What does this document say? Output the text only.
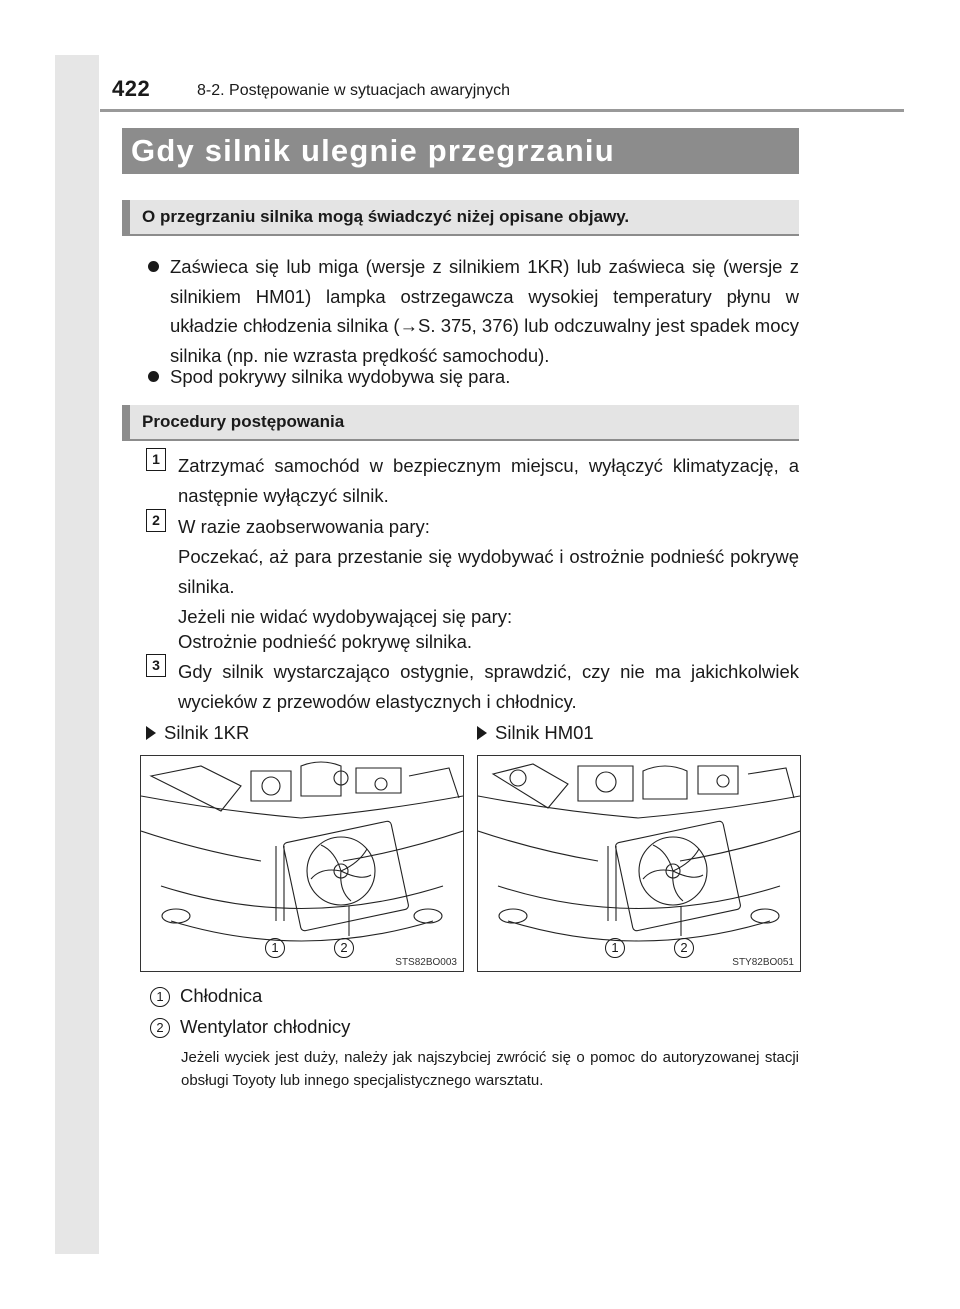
422	8-2. Postępowanie w sytuacjach awaryjnych
Gdy silnik ulegnie przegrzaniu
O przegrzaniu silnika mogą świadczyć niżej opisane objawy.
Zaświeca się lub miga (wersje z silnikiem 1KR) lub zaświeca się (wersje z silnikiem HM01) lampka ostrzegawcza wysokiej temperatury płynu w układzie chłodzenia silnika (→S. 375, 376) lub odczuwalny jest spadek mocy silnika (np. nie wzrasta prędkość samochodu).
Spod pokrywy silnika wydobywa się para.
Procedury postępowania
1 Zatrzymać samochód w bezpiecznym miejscu, wyłączyć klimatyzację, a następnie wyłączyć silnik.
2 W razie zaobserwowania pary:
Poczekać, aż para przestanie się wydobywać i ostrożnie podnieść pokrywę silnika.
Jeżeli nie widać wydobywającej się pary:
Ostrożnie podnieść pokrywę silnika.
3 Gdy silnik wystarczająco ostygnie, sprawdzić, czy nie ma jakichkolwiek wycieków z przewodów elastycznych i chłodnicy.
Silnik 1KR	Silnik HM01
1	2
STS82BO003
1	2
STY82BO051
1 Chłodnica
2 Wentylator chłodnicy
Jeżeli wyciek jest duży, należy jak najszybciej zwrócić się o pomoc do autoryzowanej stacji obsługi Toyoty lub innego specjalistycznego warsztatu.
